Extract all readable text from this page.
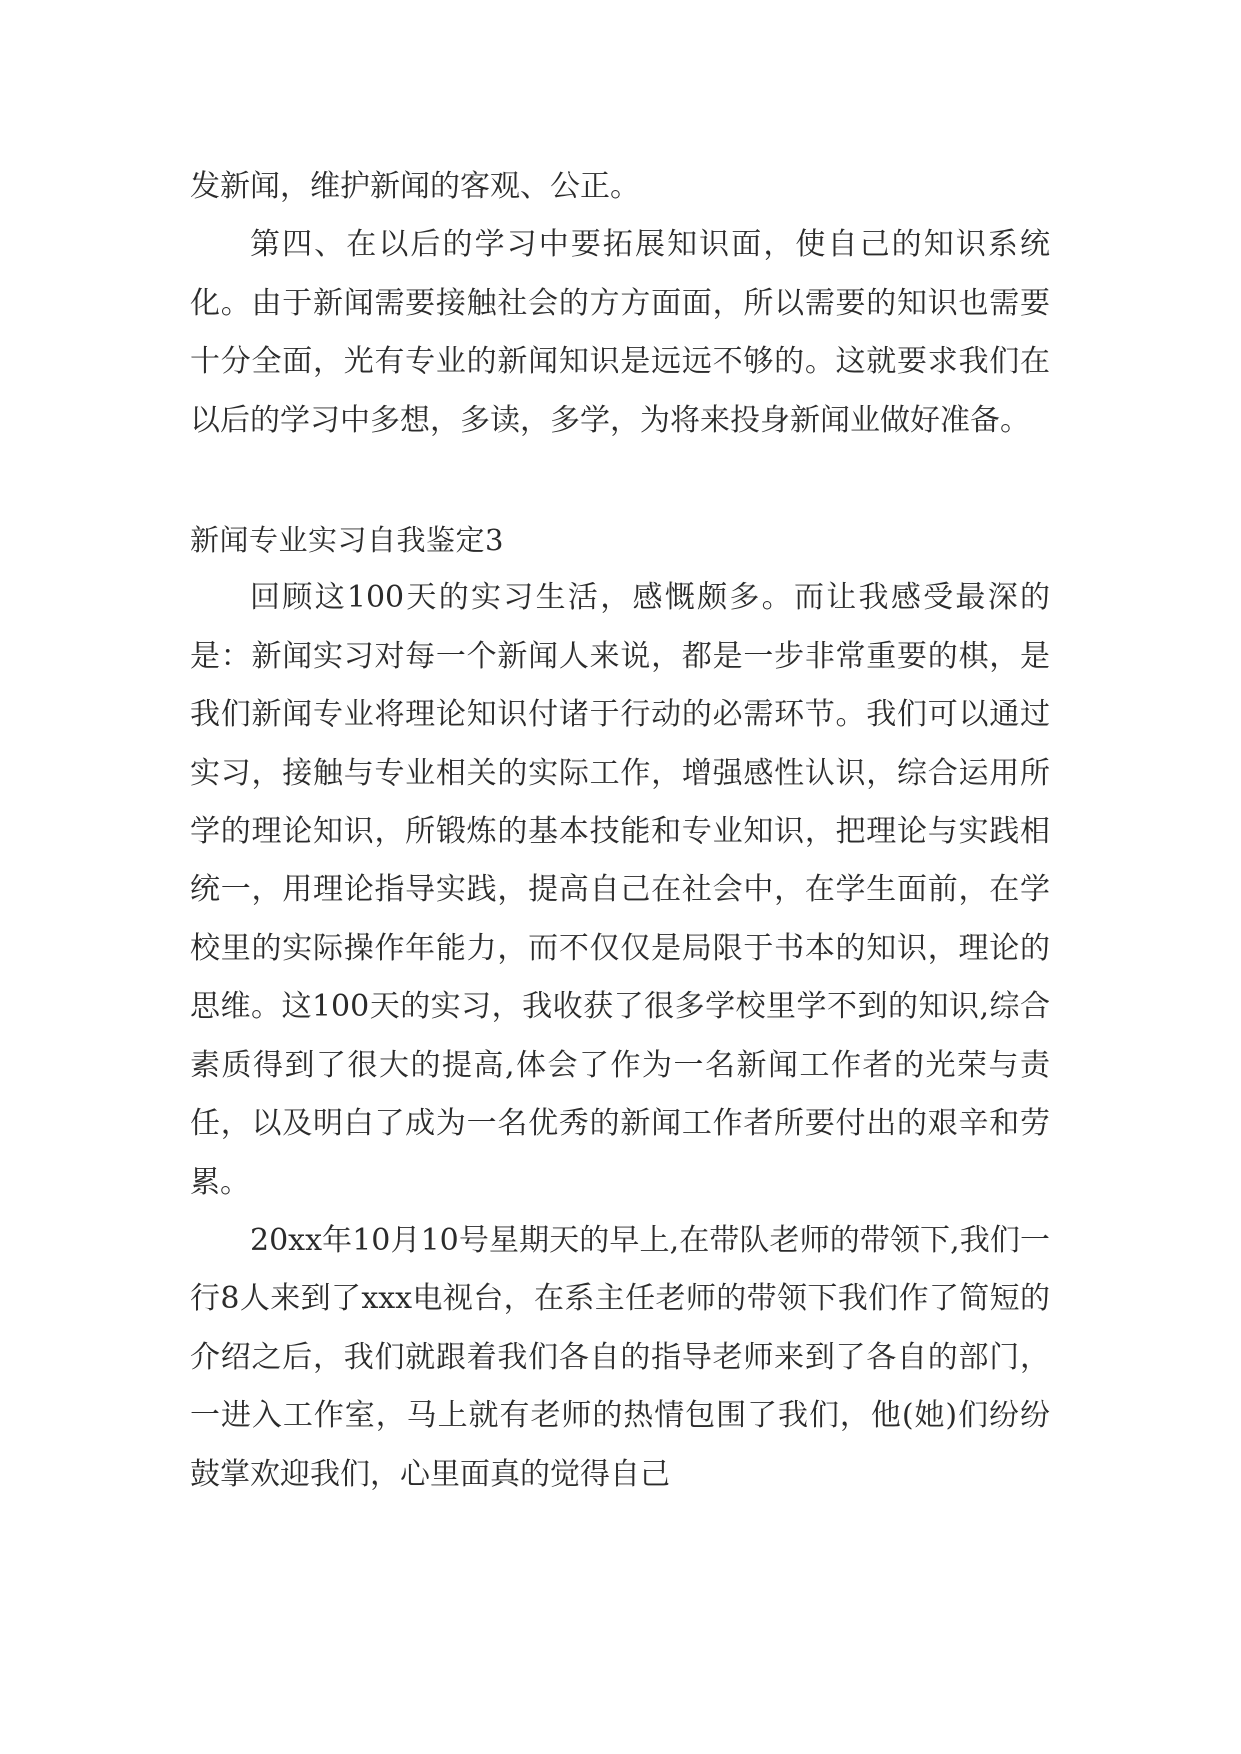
发新闻，维护新闻的客观、公正。

第四、在以后的学习中要拓展知识面，使自己的知识系统化。由于新闻需要接触社会的方方面面，所以需要的知识也需要十分全面，光有专业的新闻知识是远远不够的。这就要求我们在以后的学习中多想，多读，多学，为将来投身新闻业做好准备。

新闻专业实习自我鉴定3

回顾这100天的实习生活，感慨颇多。而让我感受最深的是：新闻实习对每一个新闻人来说，都是一步非常重要的棋，是我们新闻专业将理论知识付诸于行动的必需环节。我们可以通过实习，接触与专业相关的实际工作，增强感性认识，综合运用所学的理论知识，所锻炼的基本技能和专业知识，把理论与实践相统一，用理论指导实践，提高自己在社会中，在学生面前，在学校里的实际操作年能力，而不仅仅是局限于书本的知识，理论的思维。这100天的实习，我收获了很多学校里学不到的知识,综合素质得到了很大的提高,体会了作为一名新闻工作者的光荣与责任，以及明白了成为一名优秀的新闻工作者所要付出的艰辛和劳累。

20xx年10月10号星期天的早上,在带队老师的带领下,我们一行8人来到了xxx电视台，在系主任老师的带领下我们作了简短的介绍之后，我们就跟着我们各自的指导老师来到了各自的部门，一进入工作室，马上就有老师的热情包围了我们，他(她)们纷纷鼓掌欢迎我们，心里面真的觉得自己
